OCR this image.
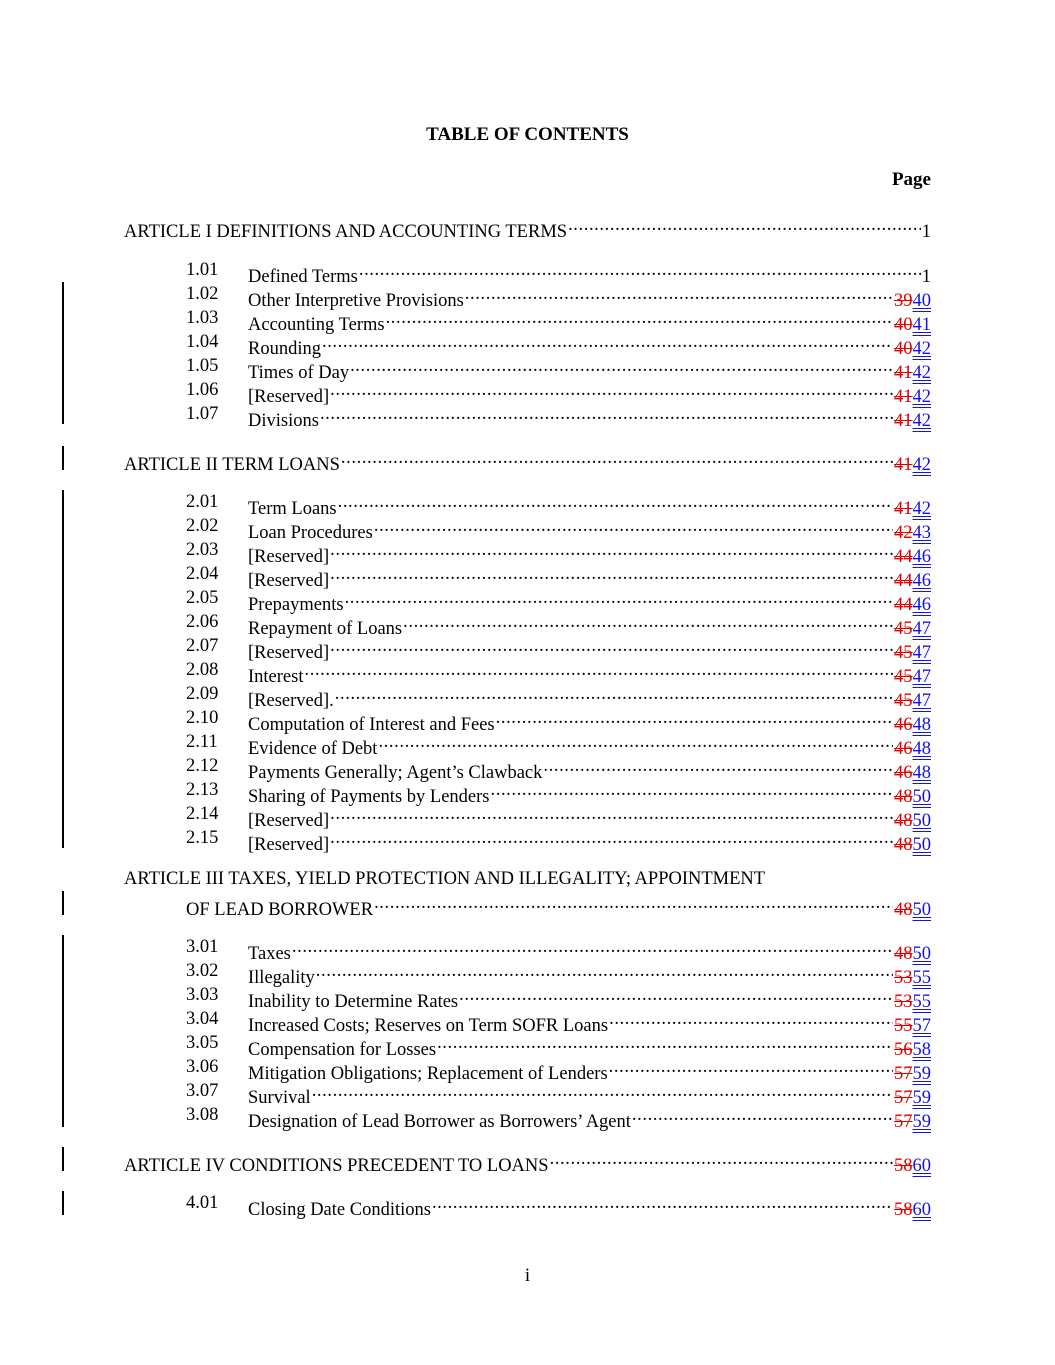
TABLE OF CONTENTS
Page
ARTICLE I DEFINITIONS AND ACCOUNTING TERMS .....	1
1.01 Defined Terms .....	1
1.02 Other Interpretive Provisions .....	3940
1.03 Accounting Terms .....	4041
1.04 Rounding .....	4042
1.05 Times of Day .....	4142
1.06 [Reserved] .....	4142
1.07 Divisions .....	4142
ARTICLE II TERM LOANS .....	4142
2.01 Term Loans .....	4142
2.02 Loan Procedures .....	4243
2.03 [Reserved] .....	4446
2.04 [Reserved] .....	4446
2.05 Prepayments .....	4446
2.06 Repayment of Loans .....	4547
2.07 [Reserved] .....	4547
2.08 Interest .....	4547
2.09 [Reserved]. .....	4547
2.10 Computation of Interest and Fees .....	4648
2.11 Evidence of Debt .....	4648
2.12 Payments Generally; Agent’s Clawback .....	4648
2.13 Sharing of Payments by Lenders .....	4850
2.14 [Reserved] .....	4850
2.15 [Reserved] .....	4850
ARTICLE III TAXES, YIELD PROTECTION AND ILLEGALITY; APPOINTMENT
OF LEAD BORROWER .....	4850
3.01 Taxes .....	4850
3.02 Illegality .....	5355
3.03 Inability to Determine Rates .....	5355
3.04 Increased Costs; Reserves on Term SOFR Loans .....	5557
3.05 Compensation for Losses .....	5658
3.06 Mitigation Obligations; Replacement of Lenders .....	5759
3.07 Survival .....	5759
3.08 Designation of Lead Borrower as Borrowers’ Agent .....	5759
ARTICLE IV CONDITIONS PRECEDENT TO LOANS .....	5860
4.01 Closing Date Conditions .....	5860
i
